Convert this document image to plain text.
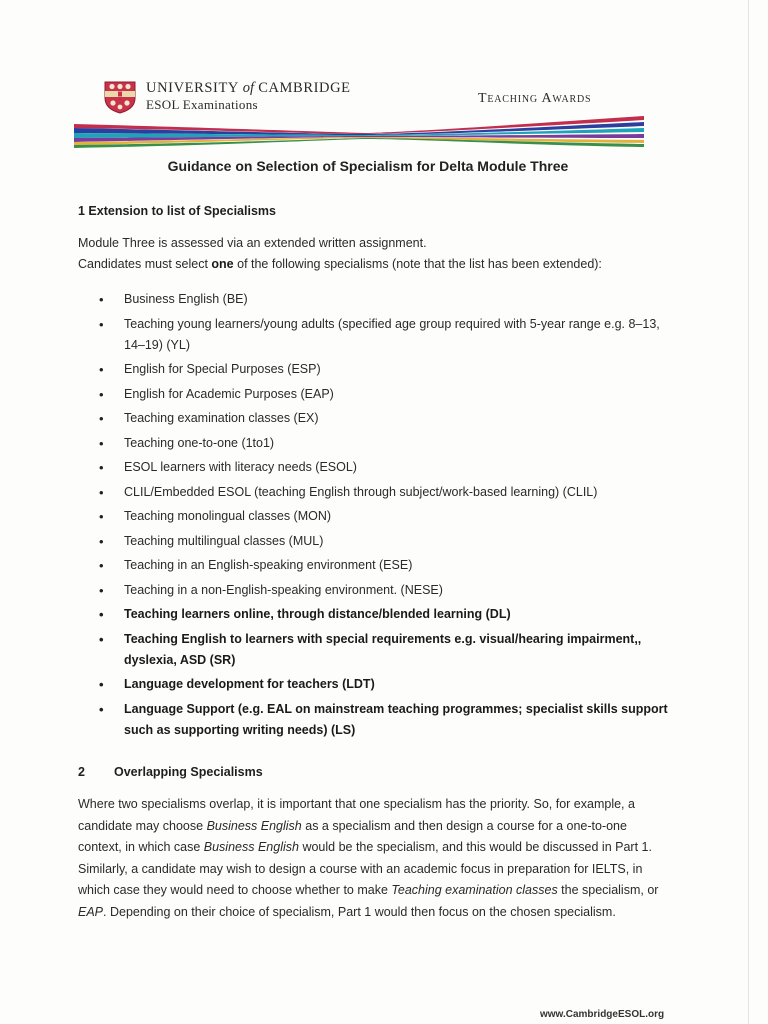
UNIVERSITY of CAMBRIDGE
ESOL Examinations	Teaching Awards
Guidance on Selection of Specialism for Delta Module Three
1 Extension to list of Specialisms
Module Three is assessed via an extended written assignment.
Candidates must select one of the following specialisms (note that the list has been extended):
• Business English (BE)
• Teaching young learners/young adults (specified age group required with 5-year range e.g. 8–13, 14–19) (YL)
• English for Special Purposes (ESP)
• English for Academic Purposes (EAP)
• Teaching examination classes (EX)
• Teaching one-to-one (1to1)
• ESOL learners with literacy needs (ESOL)
• CLIL/Embedded ESOL (teaching English through subject/work-based learning) (CLIL)
• Teaching monolingual classes (MON)
• Teaching multilingual classes (MUL)
• Teaching in an English-speaking environment (ESE)
• Teaching in a non-English-speaking environment. (NESE)
• Teaching learners online, through distance/blended learning (DL)
• Teaching English to learners with special requirements e.g. visual/hearing impairment,, dyslexia, ASD (SR)
• Language development for teachers (LDT)
• Language Support (e.g. EAL on mainstream teaching programmes; specialist skills support such as supporting writing needs) (LS)
2 Overlapping Specialisms
Where two specialisms overlap, it is important that one specialism has the priority. So, for example, a candidate may choose Business English as a specialism and then design a course for a one-to-one context, in which case Business English would be the specialism, and this would be discussed in Part 1. Similarly, a candidate may wish to design a course with an academic focus in preparation for IELTS, in which case they would need to choose whether to make Teaching examination classes the specialism, or EAP. Depending on their choice of specialism, Part 1 would then focus on the chosen specialism.
www.CambridgeESOL.org
